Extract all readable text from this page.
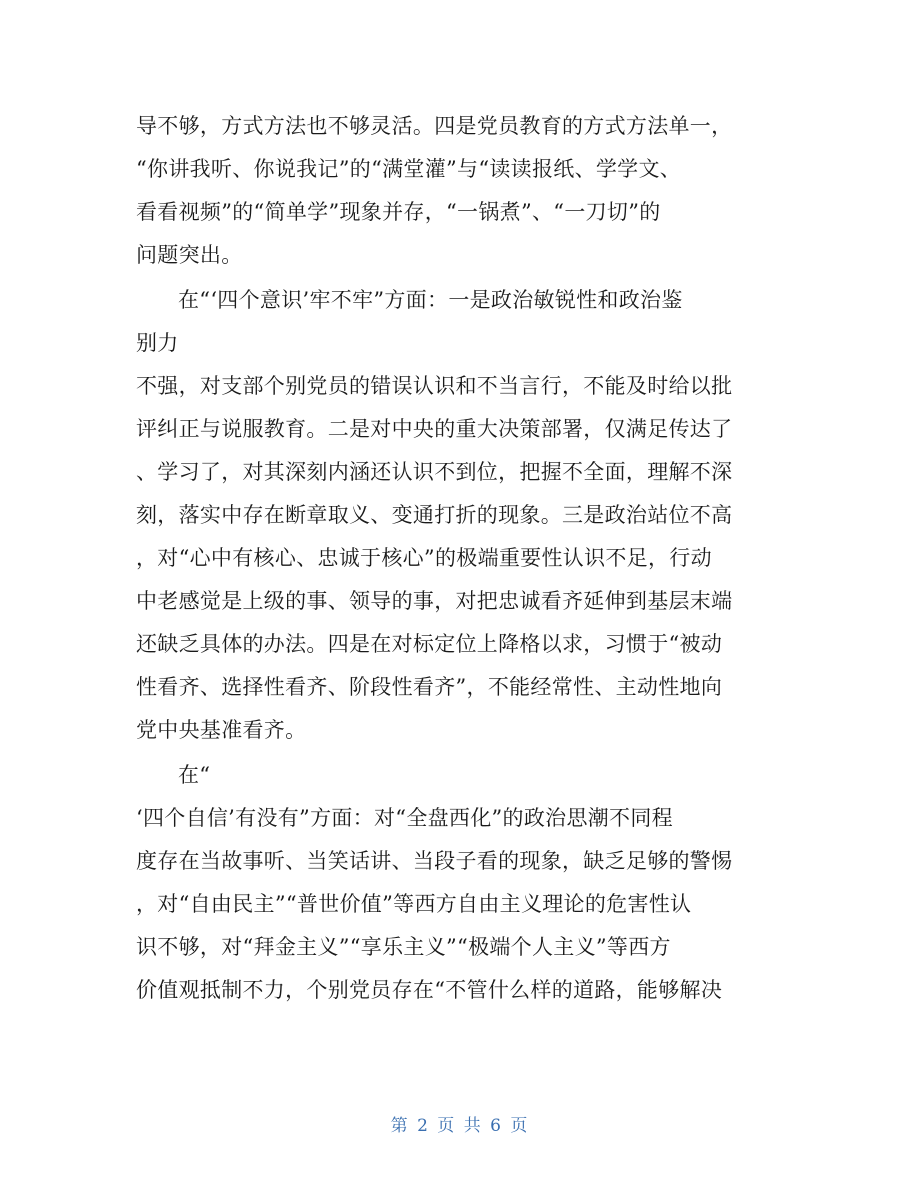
导不够，方式方法也不够灵活。四是党员教育的方式方法单一，
“你讲我听、你说我记”的“满堂灌”与“读读报纸、学学文、
看看视频”的“简单学”现象并存，“一锅煮”、“一刀切”的
问题突出。
在“‘四个意识’牢不牢”方面：一是政治敏锐性和政治鉴
别力
不强，对支部个别党员的错误认识和不当言行，不能及时给以批
评纠正与说服教育。二是对中央的重大决策部署，仅满足传达了
、学习了，对其深刻内涵还认识不到位，把握不全面，理解不深
刻，落实中存在断章取义、变通打折的现象。三是政治站位不高
，对“心中有核心、忠诚于核心”的极端重要性认识不足，行动
中老感觉是上级的事、领导的事，对把忠诚看齐延伸到基层末端
还缺乏具体的办法。四是在对标定位上降格以求，习惯于“被动
性看齐、选择性看齐、阶段性看齐”，不能经常性、主动性地向
党中央基准看齐。
在“
‘四个自信’有没有”方面：对“全盘西化”的政治思潮不同程
度存在当故事听、当笑话讲、当段子看的现象，缺乏足够的警惕
，对“自由民主”“普世价值”等西方自由主义理论的危害性认
识不够，对“拜金主义”“享乐主义”“极端个人主义”等西方
价值观抵制不力，个别党员存在“不管什么样的道路，能够解决
第 2 页 共 6 页
